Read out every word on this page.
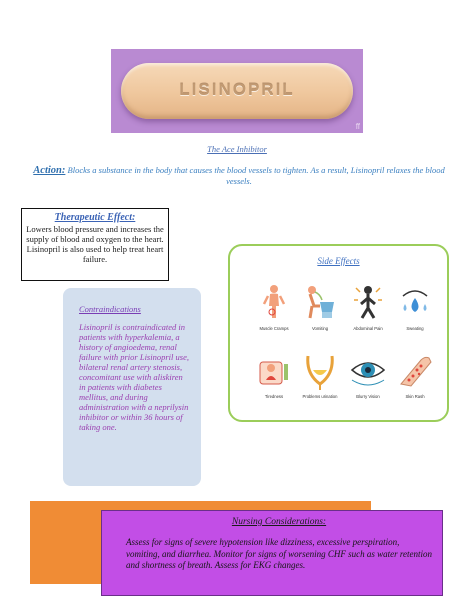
LISINOPRIL
ff
The Ace Inhibitor
Action: Blocks a substance in the body that causes the blood vessels to tighten. As a result, Lisinopril relaxes the blood vessels.
Therapeutic Effect:
Lowers blood pressure and increases the supply of blood and oxygen to the heart. Lisinopril is also used to help treat heart failure.	Side Effects
Muscle Cramps	Vomiting	Abdominal Pain	Sweating
Tiredness	Problems urination	Blurry Vision	Skin Rash
Contraindications
Lisinopril is contraindicated in patients with hyperkalemia, a history of angioedema, renal failure with prior Lisinopril use, bilateral renal artery stenosis, concomitant use with aliskiren in patients with diabetes mellitus, and during administration with a neprilysin inhibitor or within 36 hours of taking one.
Nursing Considerations:
Assess for signs of severe hypotension like dizziness, excessive perspiration, vomiting, and diarrhea. Monitor for signs of worsening CHF such as water retention and shortness of breath. Assess for EKG changes.
